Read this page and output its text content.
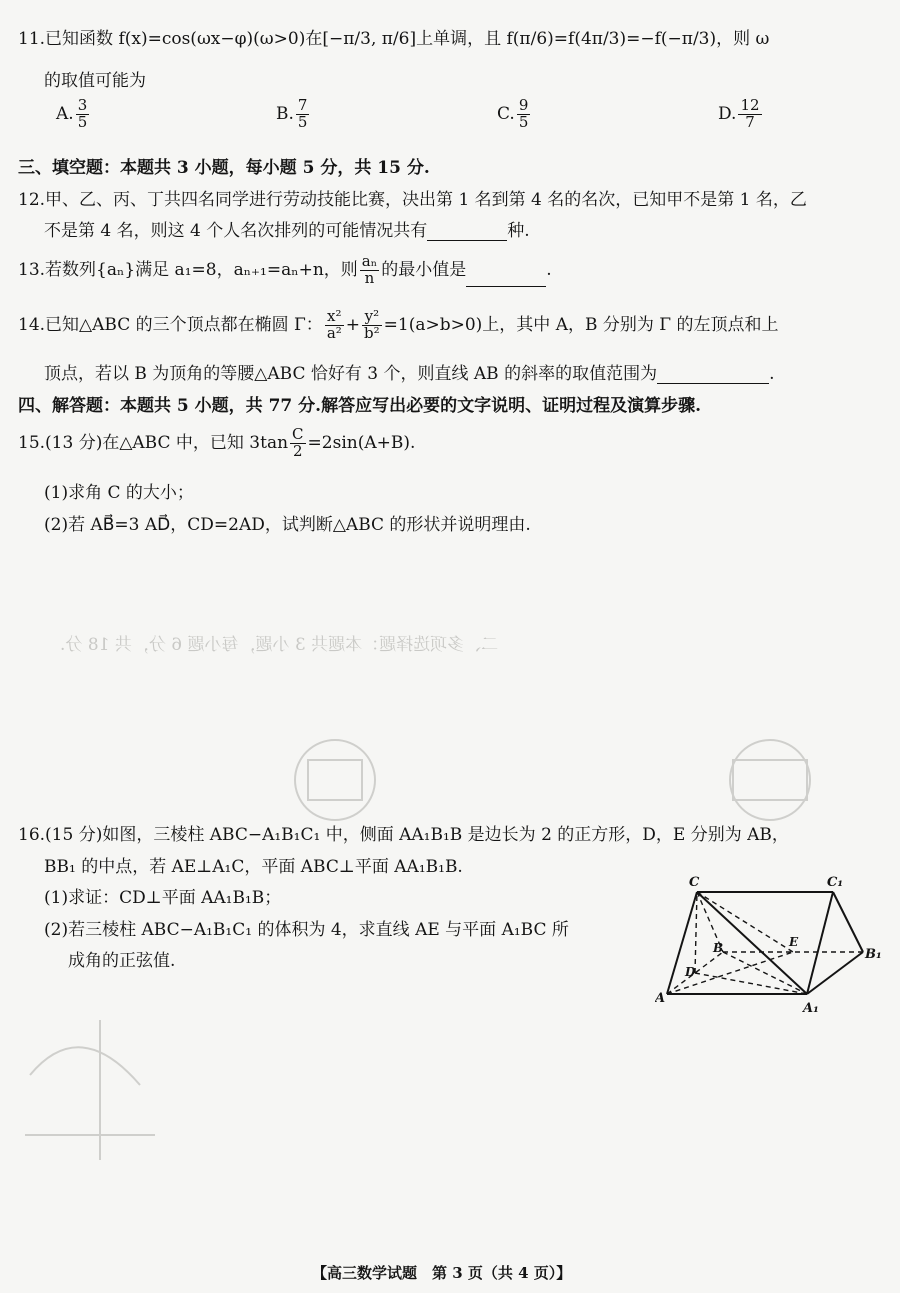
二、多项选择题：本题共 3 小题，每小题 6 分，共 18 分.
11.已知函数 f(x)=cos(ωx−φ)(ω>0)在[−π/3, π/6]上单调，且 f(π/6)=f(4π/3)=−f(−π/3)，则 ω
的取值可能为
A. $\frac{3}{5}$	B. $\frac{7}{5}$	C. $\frac{9}{5}$	D. $\frac{12}{7}$
三、填空题：本题共 3 小题，每小题 5 分，共 15 分.
12.甲、乙、丙、丁共四名同学进行劳动技能比赛，决出第 1 名到第 4 名的名次，已知甲不是第 1 名，乙
不是第 4 名，则这 4 个人名次排列的可能情况共有	种.
13.若数列{aₙ}满足 a₁=8，aₙ₊₁=aₙ+n，则 $\frac{\text{aₙ}}{n}$ 的最小值是	.
14.已知△ABC 的三个顶点都在椭圆 Γ： $\frac{\text{x²}}{\text{a²}} + \frac{\text{y²}}{\text{b²}} =1(a>b>0)$上，其中 A，B 分别为 Γ 的左顶点和上
顶点，若以 B 为顶角的等腰△ABC 恰好有 3 个，则直线 AB 的斜率的取值范围为	.
四、解答题：本题共 5 小题，共 77 分.解答应写出必要的文字说明、证明过程及演算步骤.
15.(13 分)在△ABC 中，已知 $3\tan \frac{C}{2} =2\sin(A+B)$.
(1)求角 C 的大小；
(2)若 AB⃗=3 AD⃗，CD=2AD，试判断△ABC 的形状并说明理由.
16.(15 分)如图，三棱柱 ABC−A₁B₁C₁ 中，侧面 AA₁B₁B 是边长为 2 的正方形，D，E 分别为 AB，
BB₁ 的中点，若 AE⊥A₁C，平面 ABC⊥平面 AA₁B₁B.
(1)求证：CD⊥平面 AA₁B₁B；
(2)若三棱柱 ABC−A₁B₁C₁ 的体积为 4，求直线 AE 与平面 A₁BC 所
成角的正弦值.
C	C₁
B	E
B₁
D
A
A₁
【高三数学试题　第 3 页（共 4 页）】
